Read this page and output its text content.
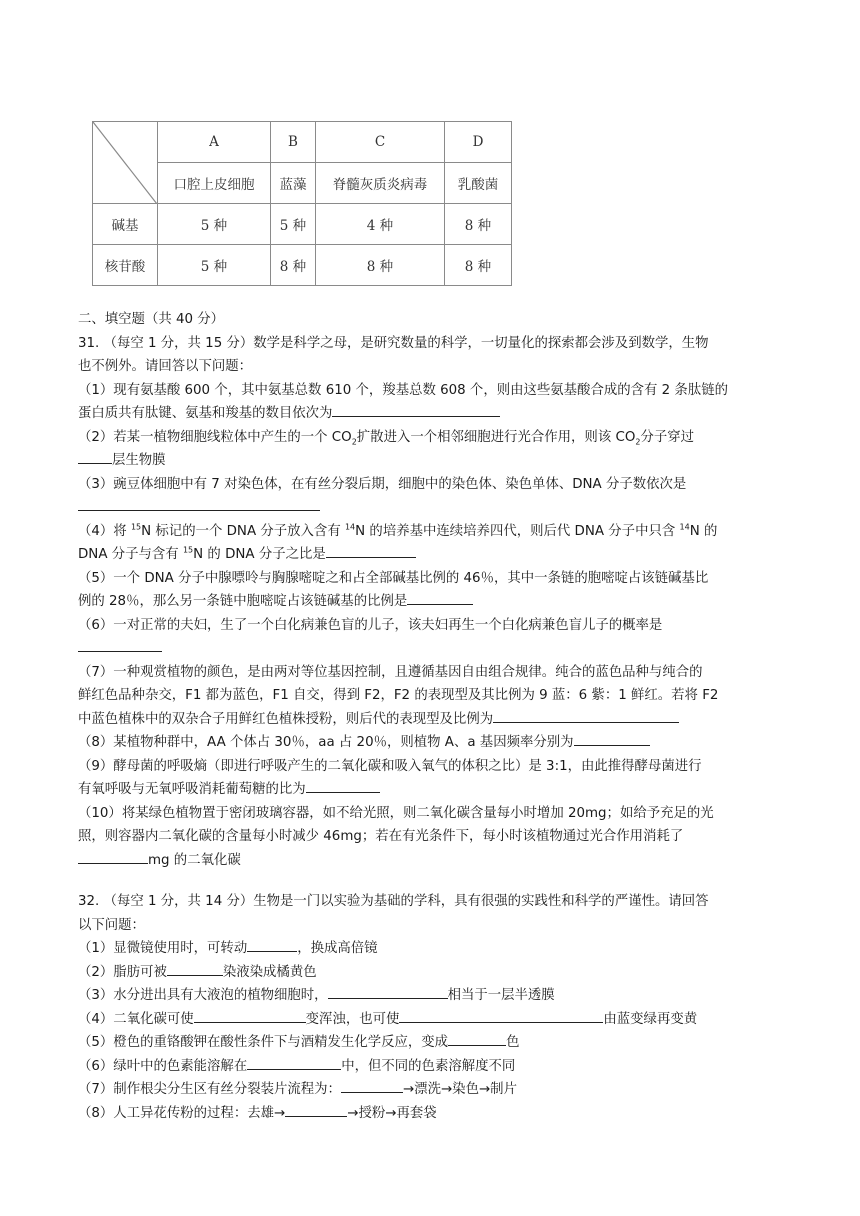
	A	B	C	D
	口腔上皮细胞	蓝藻	脊髓灰质炎病毒	乳酸菌
碱基	5 种	5 种	4 种	8 种
核苷酸	5 种	8 种	8 种	8 种

二、填空题（共 40 分）

31. （每空 1 分，共 15 分）数学是科学之母，是研究数量的科学，一切量化的探索都会涉及到数学，生物

也不例外。请回答以下问题：

（1）现有氨基酸 600 个，其中氨基总数 610 个，羧基总数 608 个，则由这些氨基酸合成的含有 2 条肽链的

蛋白质共有肽键、氨基和羧基的数目依次为

（2）若某一植物细胞线粒体中产生的一个 $CO_2$扩散进入一个相邻细胞进行光合作用，则该 $CO_2$分子穿过

层生物膜

（3）豌豆体细胞中有 7 对染色体，在有丝分裂后期，细胞中的染色体、染色单体、DNA 分子数依次是

（4）将 $^{15}$N 标记的一个 DNA 分子放入含有 $^{14}$N 的培养基中连续培养四代，则后代 DNA 分子中只含 $^{14}$N 的

DNA 分子与含有 $^{15}$N 的 DNA 分子之比是

（5）一个 DNA 分子中腺嘌呤与胸腺嘧啶之和占全部碱基比例的 46％，其中一条链的胞嘧啶占该链碱基比

例的 28％，那么另一条链中胞嘧啶占该链碱基的比例是

（6）一对正常的夫妇，生了一个白化病兼色盲的儿子，该夫妇再生一个白化病兼色盲儿子的概率是

（7）一种观赏植物的颜色，是由两对等位基因控制，且遵循基因自由组合规律。纯合的蓝色品种与纯合的

鲜红色品种杂交，F1 都为蓝色，F1 自交，得到 F2，F2 的表现型及其比例为 9 蓝：6 紫：1 鲜红。若将 F2

中蓝色植株中的双杂合子用鲜红色植株授粉，则后代的表现型及比例为

（8）某植物种群中，AA 个体占 30％，aa 占 20％，则植物 A、a 基因频率分别为

（9）酵母菌的呼吸熵（即进行呼吸产生的二氧化碳和吸入氧气的体积之比）是 3:1，由此推得酵母菌进行

有氧呼吸与无氧呼吸消耗葡萄糖的比为

（10）将某绿色植物置于密闭玻璃容器，如不给光照，则二氧化碳含量每小时增加 20mg；如给予充足的光

照，则容器内二氧化碳的含量每小时减少 46mg；若在有光条件下，每小时该植物通过光合作用消耗了

mg 的二氧化碳

32. （每空 1 分，共 14 分）生物是一门以实验为基础的学科，具有很强的实践性和科学的严谨性。请回答

以下问题：

（1）显微镜使用时，可转动	，换成高倍镜

（2）脂肪可被	染液染成橘黄色

（3）水分进出具有大液泡的植物细胞时，	相当于一层半透膜

（4）二氧化碳可使	变浑浊，也可使	由蓝变绿再变黄

（5）橙色的重铬酸钾在酸性条件下与酒精发生化学反应，变成	色

（6）绿叶中的色素能溶解在	中，但不同的色素溶解度不同

（7）制作根尖分生区有丝分裂装片流程为：	→漂洗→染色→制片

（8）人工异花传粉的过程：去雄→	→授粉→再套袋
